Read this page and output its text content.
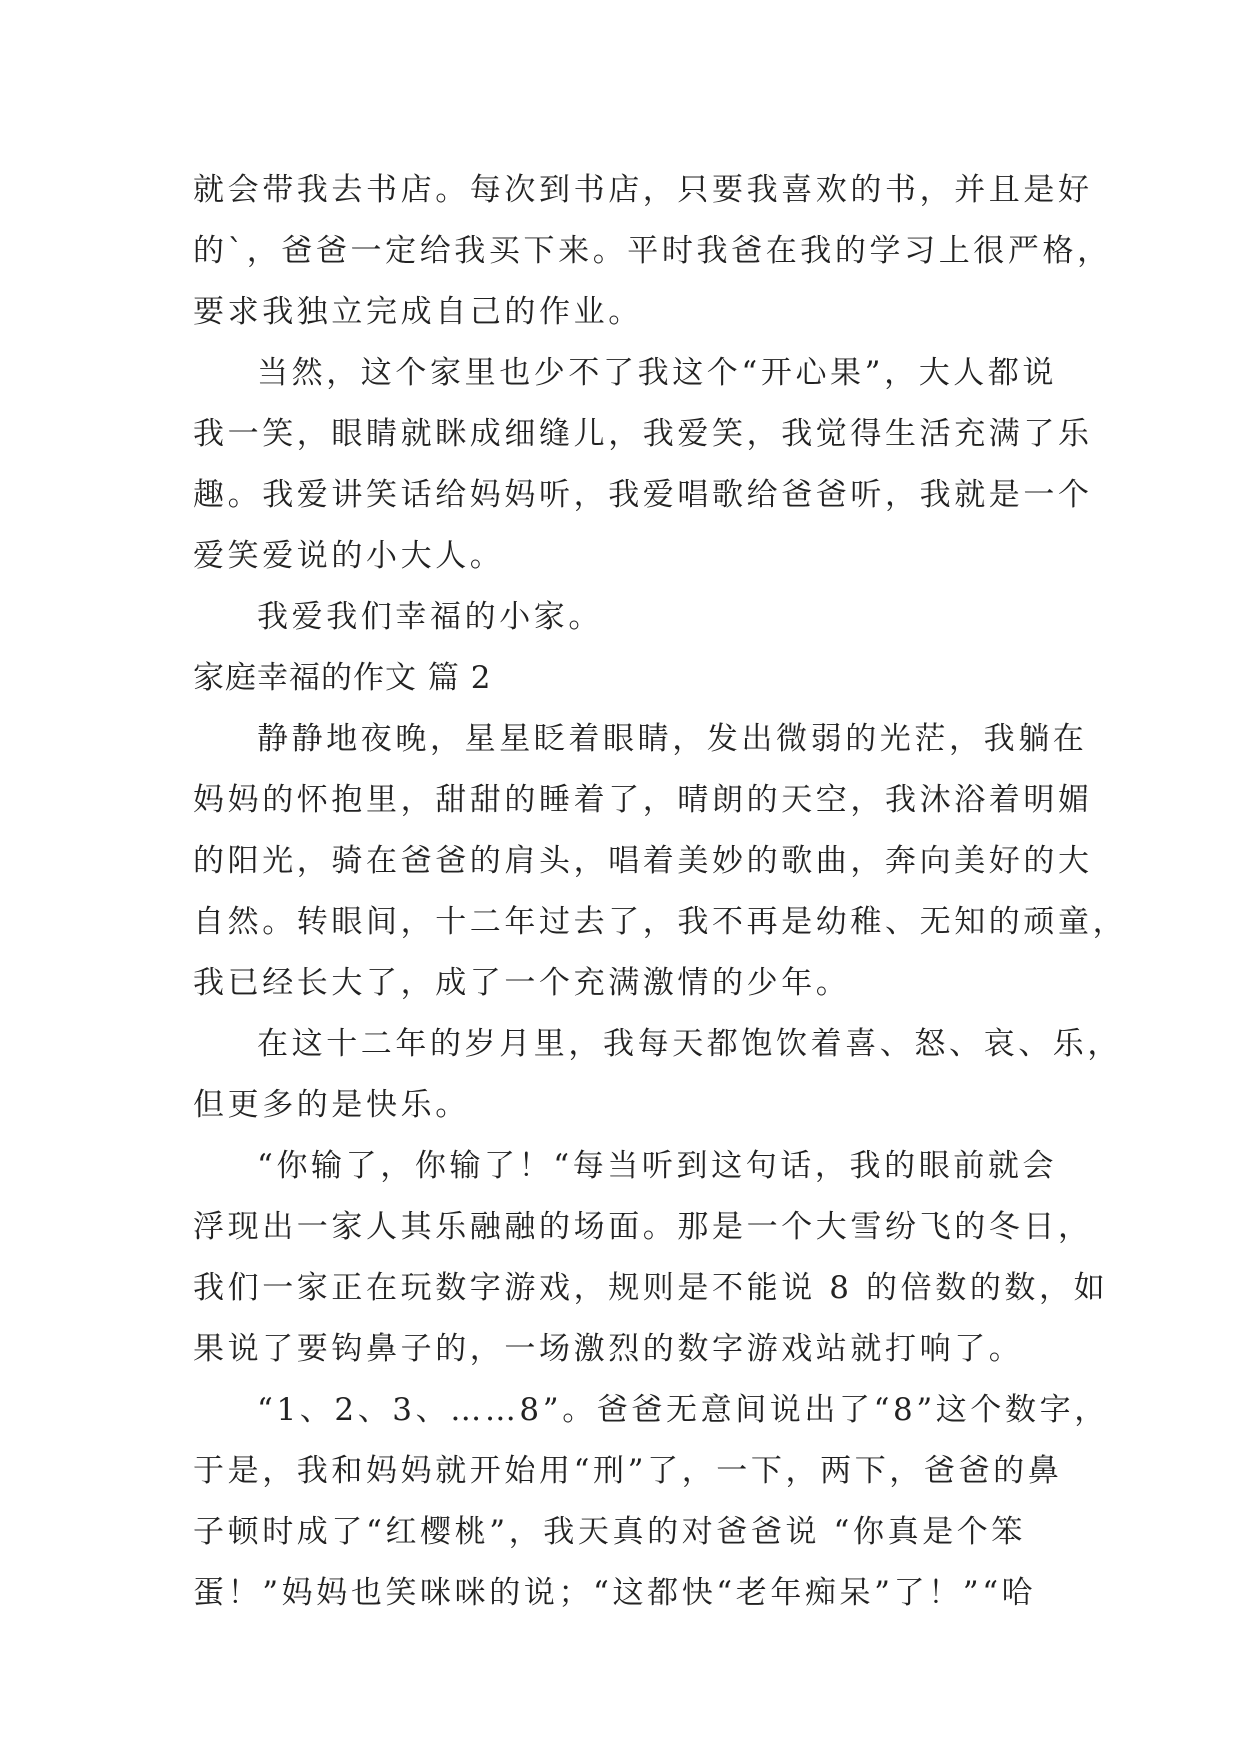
就会带我去书店。每次到书店，只要我喜欢的书，并且是好
的`，爸爸一定给我买下来。平时我爸在我的学习上很严格，
要求我独立完成自己的作业。
当然，这个家里也少不了我这个“开心果”，大人都说
我一笑，眼睛就眯成细缝儿，我爱笑，我觉得生活充满了乐
趣。我爱讲笑话给妈妈听，我爱唱歌给爸爸听，我就是一个
爱笑爱说的小大人。
我爱我们幸福的小家。
家庭幸福的作文 篇 2
静静地夜晚，星星眨着眼睛，发出微弱的光茫，我躺在
妈妈的怀抱里，甜甜的睡着了，晴朗的天空，我沐浴着明媚
的阳光，骑在爸爸的肩头，唱着美妙的歌曲，奔向美好的大
自然。转眼间，十二年过去了，我不再是幼稚、无知的顽童，
我已经长大了，成了一个充满激情的少年。
在这十二年的岁月里，我每天都饱饮着喜、怒、哀、乐，
但更多的是快乐。
“你输了，你输了！“每当听到这句话，我的眼前就会
浮现出一家人其乐融融的场面。那是一个大雪纷飞的冬日，
我们一家正在玩数字游戏，规则是不能说 8 的倍数的数，如
果说了要钩鼻子的，一场激烈的数字游戏站就打响了。
“1、2、3、……8”。爸爸无意间说出了“8”这个数字，
于是，我和妈妈就开始用“刑”了，一下，两下，爸爸的鼻
子顿时成了“红樱桃”，我天真的对爸爸说 “你真是个笨
蛋！”妈妈也笑咪咪的说；“这都快“老年痴呆”了！”“哈
